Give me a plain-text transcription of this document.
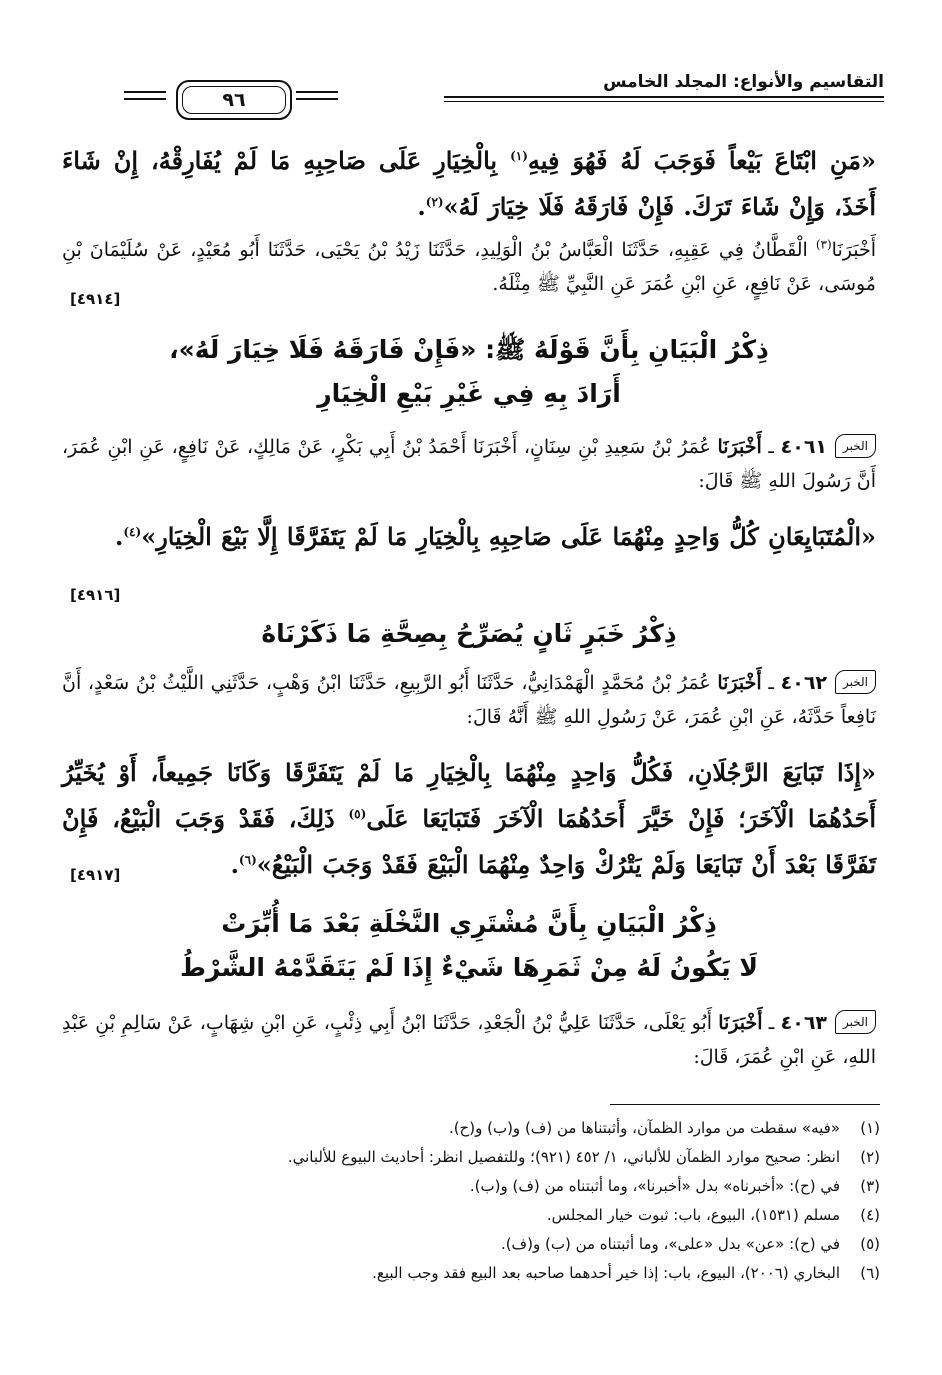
التقاسيم والأنواع: المجلد الخامس
٩٦
«مَنِ ابْتَاعَ بَيْعاً فَوَجَبَ لَهُ فَهُوَ فِيهِ$^{(١)}$ بِالْخِيَارِ عَلَى صَاحِبِهِ مَا لَمْ يُفَارِقْهُ، إِنْ شَاءَ أَخَذَ، وَإِنْ شَاءَ تَرَكَ. فَإِنْ فَارَقَهُ فَلَا خِيَارَ لَهُ»$^{(٢)}$.
أَخْبَرَنَا$^{(٣)}$ الْقَطَّانُ فِي عَقِبِهِ، حَدَّثَنَا الْعَبَّاسُ بْنُ الْوَلِيدِ، حَدَّثَنَا زَيْدُ بْنُ يَحْيَى، حَدَّثَنَا أَبُو مُعَيْدٍ، عَنْ سُلَيْمَانَ بْنِ مُوسَى، عَنْ نَافِعٍ، عَنِ ابْنِ عُمَرَ عَنِ النَّبِيِّ ﷺ مِثْلَهُ.
[٤٩١٤]
ذِكْرُ الْبَيَانِ بِأَنَّ قَوْلَهُ ﷺ: «فَإِنْ فَارَقَهُ فَلَا خِيَارَ لَهُ»،
أَرَادَ بِهِ فِي غَيْرِ بَيْعِ الْخِيَارِ
الخبر٤٠٦١ ـ أَخْبَرَنَا عُمَرُ بْنُ سَعِيدِ بْنِ سِنَانٍ، أَخْبَرَنَا أَحْمَدُ بْنُ أَبِي بَكْرٍ، عَنْ مَالِكٍ، عَنْ نَافِعٍ، عَنِ ابْنِ عُمَرَ، أَنَّ رَسُولَ اللهِ ﷺ قَالَ:
«الْمُتَبَايِعَانِ كُلُّ وَاحِدٍ مِنْهُمَا عَلَى صَاحِبِهِ بِالْخِيَارِ مَا لَمْ يَتَفَرَّقَا إِلَّا بَيْعَ الْخِيَارِ»$^{(٤)}$.
[٤٩١٦]
ذِكْرُ خَبَرٍ ثَانٍ يُصَرِّحُ بِصِحَّةِ مَا ذَكَرْنَاهُ
الخبر٤٠٦٢ ـ أَخْبَرَنَا عُمَرُ بْنُ مُحَمَّدٍ الْهَمْدَانِيُّ، حَدَّثَنَا أَبُو الرَّبِيعِ، حَدَّثَنَا ابْنُ وَهْبٍ، حَدَّثَنِي اللَّيْثُ بْنُ سَعْدٍ، أَنَّ نَافِعاً حَدَّثَهُ، عَنِ ابْنِ عُمَرَ، عَنْ رَسُولِ اللهِ ﷺ أَنَّهُ قَالَ:
«إِذَا تَبَايَعَ الرَّجُلَانِ، فَكُلُّ وَاحِدٍ مِنْهُمَا بِالْخِيَارِ مَا لَمْ يَتَفَرَّقَا وَكَانَا جَمِيعاً، أَوْ يُخَيِّرُ أَحَدُهُمَا الْآخَرَ؛ فَإِنْ خَيَّرَ أَحَدُهُمَا الْآخَرَ فَتَبَايَعَا عَلَى$^{(٥)}$ ذَلِكَ، فَقَدْ وَجَبَ الْبَيْعُ، فَإِنْ تَفَرَّقَا بَعْدَ أَنْ تَبَايَعَا وَلَمْ يَتْرُكْ وَاحِدٌ مِنْهُمَا الْبَيْعَ فَقَدْ وَجَبَ الْبَيْعُ»$^{(٦)}$.
[٤٩١٧]
ذِكْرُ الْبَيَانِ بِأَنَّ مُشْتَرِي النَّخْلَةِ بَعْدَ مَا أُبِّرَتْ
لَا يَكُونُ لَهُ مِنْ ثَمَرِهَا شَيْءٌ إِذَا لَمْ يَتَقَدَّمْهُ الشَّرْطُ
الخبر٤٠٦٣ ـ أَخْبَرَنَا أَبُو يَعْلَى، حَدَّثَنَا عَلِيُّ بْنُ الْجَعْدِ، حَدَّثَنَا ابْنُ أَبِي ذِئْبٍ، عَنِ ابْنِ شِهَابٍ، عَنْ سَالِمِ بْنِ عَبْدِ اللهِ، عَنِ ابْنِ عُمَرَ، قَالَ:
(١)«فيه» سقطت من موارد الظمآن، وأثبتناها من (ف) و(ب) و(ح).
(٢)انظر: صحيح موارد الظمآن للألباني، ١/ ٤٥٢ (٩٢١)؛ وللتفصيل انظر: أحاديث البيوع للألباني.
(٣)في (ح): «أخبرناه» بدل «أخبرنا»، وما أثبتناه من (ف) و(ب).
(٤)مسلم (١٥٣١)، البيوع، باب: ثبوت خيار المجلس.
(٥)في (ح): «عن» بدل «على»، وما أثبتناه من (ب) و(ف).
(٦)البخاري (٢٠٠٦)، البيوع، باب: إذا خير أحدهما صاحبه بعد البيع فقد وجب البيع.
